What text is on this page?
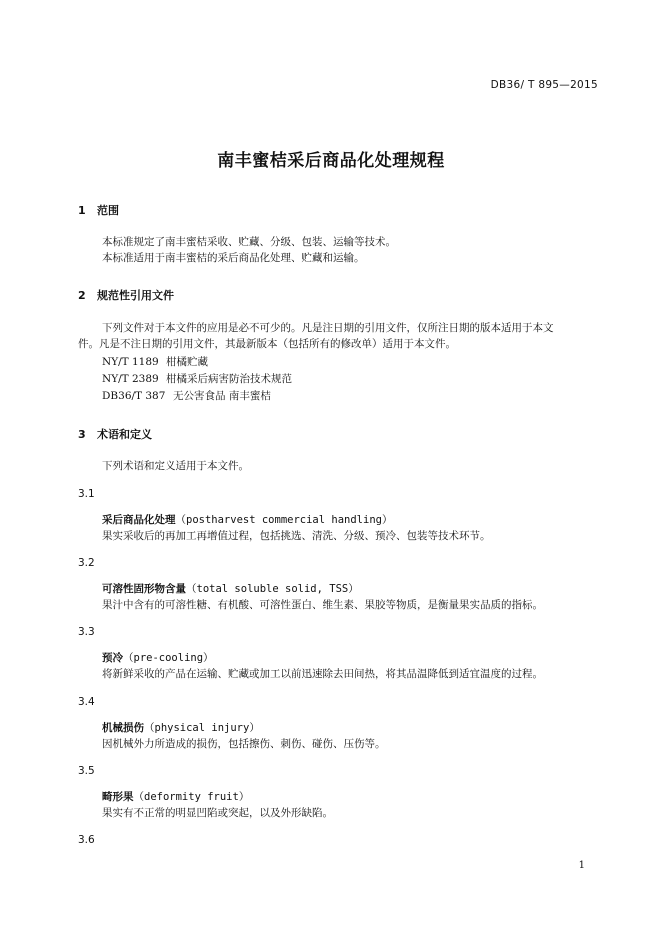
DB36/ T 895—2015
南丰蜜桔采后商品化处理规程
1 范围
本标准规定了南丰蜜桔采收、贮藏、分级、包装、运输等技术。
本标准适用于南丰蜜桔的采后商品化处理、贮藏和运输。
2 规范性引用文件
下列文件对于本文件的应用是必不可少的。凡是注日期的引用文件，仅所注日期的版本适用于本文
件。凡是不注日期的引用文件，其最新版本（包括所有的修改单）适用于本文件。
NY/T 1189 柑橘贮藏
NY/T 2389 柑橘采后病害防治技术规范
DB36/T 387 无公害食品 南丰蜜桔
3 术语和定义
下列术语和定义适用于本文件。
3.1
采后商品化处理（postharvest commercial handling）
果实采收后的再加工再增值过程，包括挑选、清洗、分级、预冷、包装等技术环节。
3.2
可溶性固形物含量（total soluble solid, TSS）
果汁中含有的可溶性糖、有机酸、可溶性蛋白、维生素、果胶等物质，是衡量果实品质的指标。
3.3
预冷（pre-cooling）
将新鲜采收的产品在运输、贮藏或加工以前迅速除去田间热，将其品温降低到适宜温度的过程。
3.4
机械损伤（physical injury）
因机械外力所造成的损伤，包括擦伤、刺伤、碰伤、压伤等。
3.5
畸形果（deformity fruit）
果实有不正常的明显凹陷或突起，以及外形缺陷。
3.6
1
